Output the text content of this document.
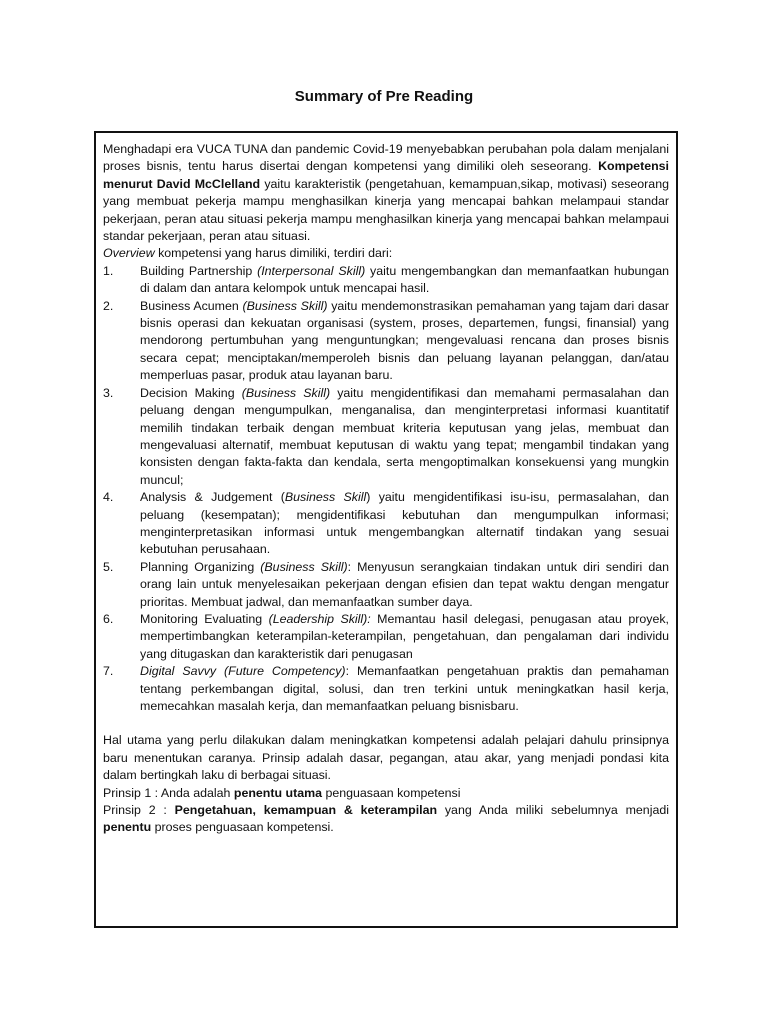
Summary of Pre Reading

Menghadapi era VUCA TUNA dan pandemic Covid-19 menyebabkan perubahan pola dalam menjalani proses bisnis, tentu harus disertai dengan kompetensi yang dimiliki oleh seseorang. Kompetensi menurut David McClelland yaitu karakteristik (pengetahuan, kemampuan,sikap, motivasi) seseorang yang membuat pekerja mampu menghasilkan kinerja yang mencapai bahkan melampaui standar pekerjaan, peran atau situasi pekerja mampu menghasilkan kinerja yang mencapai bahkan melampaui standar pekerjaan, peran atau situasi.

Overview kompetensi yang harus dimiliki, terdiri dari:

1. Building Partnership (Interpersonal Skill) yaitu mengembangkan dan memanfaatkan hubungan di dalam dan antara kelompok untuk mencapai hasil.
2. Business Acumen (Business Skill) yaitu mendemonstrasikan pemahaman yang tajam dari dasar bisnis operasi dan kekuatan organisasi (system, proses, departemen, fungsi, finansial) yang mendorong pertumbuhan yang menguntungkan; mengevaluasi rencana dan proses bisnis secara cepat; menciptakan/memperoleh bisnis dan peluang layanan pelanggan, dan/atau memperluas pasar, produk atau layanan baru.
3. Decision Making (Business Skill) yaitu mengidentifikasi dan memahami permasalahan dan peluang dengan mengumpulkan, menganalisa, dan menginterpretasi informasi kuantitatif memilih tindakan terbaik dengan membuat kriteria keputusan yang jelas, membuat dan mengevaluasi alternatif, membuat keputusan di waktu yang tepat; mengambil tindakan yang konsisten dengan fakta-fakta dan kendala, serta mengoptimalkan konsekuensi yang mungkin muncul;
4. Analysis & Judgement (Business Skill) yaitu mengidentifikasi isu-isu, permasalahan, dan peluang (kesempatan); mengidentifikasi kebutuhan dan mengumpulkan informasi; menginterpretasikan informasi untuk mengembangkan alternatif tindakan yang sesuai kebutuhan perusahaan.
5. Planning Organizing (Business Skill): Menyusun serangkaian tindakan untuk diri sendiri dan orang lain untuk menyelesaikan pekerjaan dengan efisien dan tepat waktu dengan mengatur prioritas. Membuat jadwal, dan memanfaatkan sumber daya.
6. Monitoring Evaluating (Leadership Skill): Memantau hasil delegasi, penugasan atau proyek, mempertimbangkan keterampilan-keterampilan, pengetahuan, dan pengalaman dari individu yang ditugaskan dan karakteristik dari penugasan
7. Digital Savvy (Future Competency): Memanfaatkan pengetahuan praktis dan pemahaman tentang perkembangan digital, solusi, dan tren terkini untuk meningkatkan hasil kerja, memecahkan masalah kerja, dan memanfaatkan peluang bisnisbaru.

Hal utama yang perlu dilakukan dalam meningkatkan kompetensi adalah pelajari dahulu prinsipnya baru menentukan caranya. Prinsip adalah dasar, pegangan, atau akar, yang menjadi pondasi kita dalam bertingkah laku di berbagai situasi.

Prinsip 1 : Anda adalah penentu utama penguasaan kompetensi

Prinsip 2 : Pengetahuan, kemampuan & keterampilan yang Anda miliki sebelumnya menjadi penentu proses penguasaan kompetensi.
